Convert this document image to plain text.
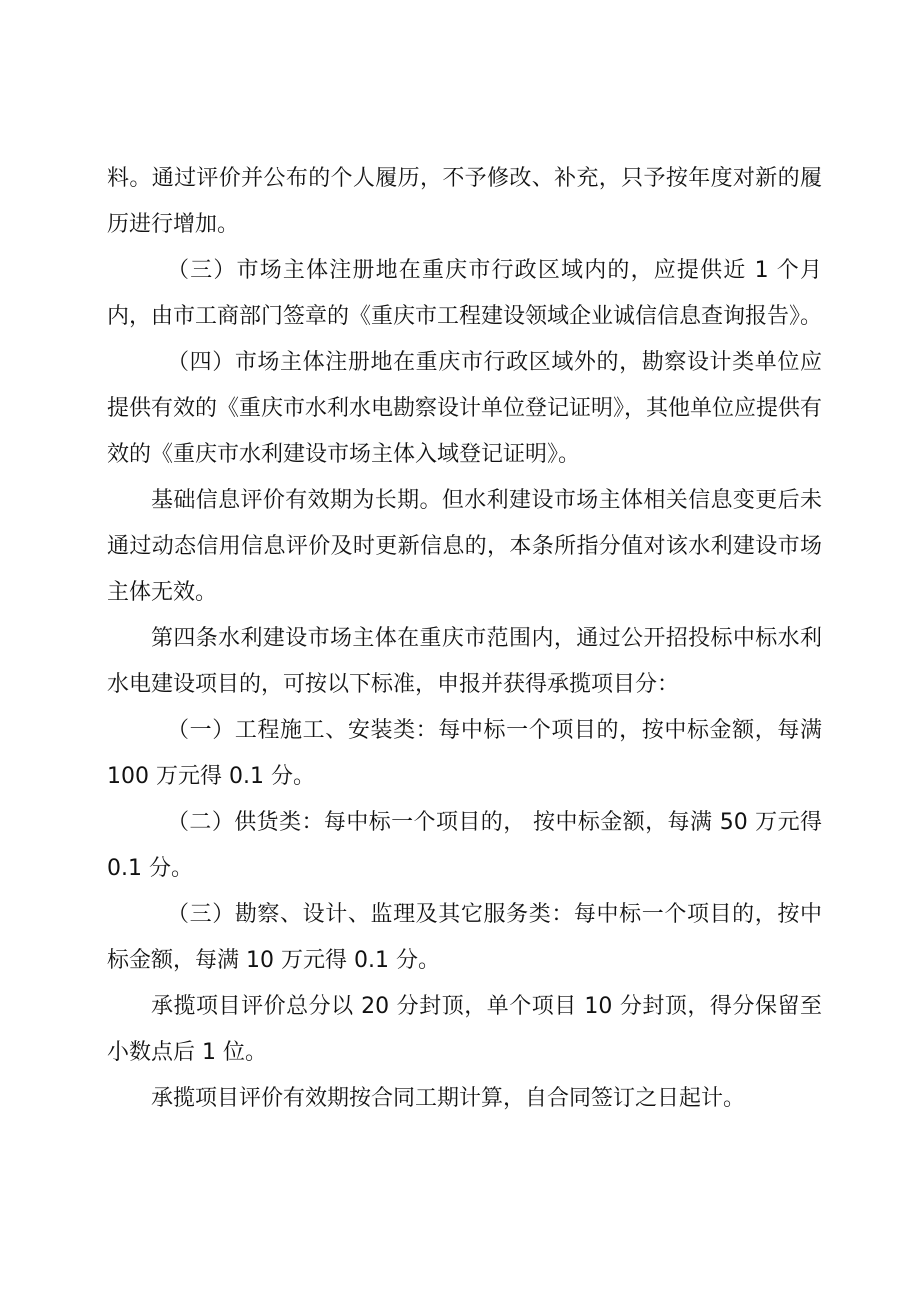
料。通过评价并公布的个人履历，不予修改、补充，只予按年度对新的履历进行增加。

（三）市场主体注册地在重庆市行政区域内的，应提供近 1 个月内，由市工商部门签章的《重庆市工程建设领域企业诚信信息查询报告》。

（四）市场主体注册地在重庆市行政区域外的，勘察设计类单位应提供有效的《重庆市水利水电勘察设计单位登记证明》，其他单位应提供有效的《重庆市水利建设市场主体入域登记证明》。

基础信息评价有效期为长期。但水利建设市场主体相关信息变更后未通过动态信用信息评价及时更新信息的，本条所指分值对该水利建设市场主体无效。

第四条水利建设市场主体在重庆市范围内，通过公开招投标中标水利水电建设项目的，可按以下标准，申报并获得承揽项目分：

（一）工程施工、安装类：每中标一个项目的，按中标金额，每满 100 万元得 0.1 分。

（二）供货类：每中标一个项目的， 按中标金额，每满 50 万元得 0.1 分。

（三）勘察、设计、监理及其它服务类：每中标一个项目的，按中标金额，每满 10 万元得 0.1 分。

承揽项目评价总分以 20 分封顶，单个项目 10 分封顶，得分保留至小数点后 1 位。

承揽项目评价有效期按合同工期计算，自合同签订之日起计。
